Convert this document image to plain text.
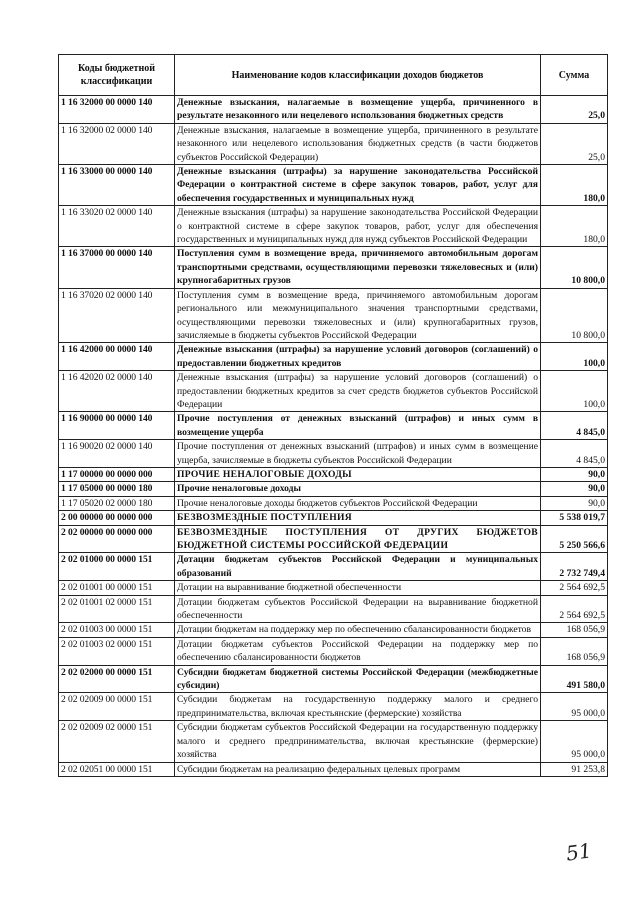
Коды бюджетной классификации	Наименование кодов классификации доходов бюджетов	Сумма
1 16 32000 00 0000 140	Денежные взыскания, налагаемые в возмещение ущерба, причиненного в результате незаконного или нецелевого использования бюджетных средств	25,0
1 16 32000 02 0000 140	Денежные взыскания, налагаемые в возмещение ущерба, причиненного в результате незаконного или нецелевого использования бюджетных средств (в части бюджетов субъектов Российской Федерации)	25,0
1 16 33000 00 0000 140	Денежные взыскания (штрафы) за нарушение законодательства Российской Федерации о контрактной системе в сфере закупок товаров, работ, услуг для обеспечения государственных и муниципальных нужд	180,0
1 16 33020 02 0000 140	Денежные взыскания (штрафы) за нарушение законодательства Российской Федерации о контрактной системе в сфере закупок товаров, работ, услуг для обеспечения государственных и муниципальных нужд для нужд субъектов Российской Федерации	180,0
1 16 37000 00 0000 140	Поступления сумм в возмещение вреда, причиняемого автомобильным дорогам транспортными средствами, осуществляющими перевозки тяжеловесных и (или) крупногабаритных грузов	10 800,0
1 16 37020 02 0000 140	Поступления сумм в возмещение вреда, причиняемого автомобильным дорогам регионального или межмуниципального значения транспортными средствами, осуществляющими перевозки тяжеловесных и (или) крупногабаритных грузов, зачисляемые в бюджеты субъектов Российской Федерации	10 800,0
1 16 42000 00 0000 140	Денежные взыскания (штрафы) за нарушение условий договоров (соглашений) о предоставлении бюджетных кредитов	100,0
1 16 42020 02 0000 140	Денежные взыскания (штрафы) за нарушение условий договоров (соглашений) о предоставлении бюджетных кредитов за счет средств бюджетов субъектов Российской Федерации	100,0
1 16 90000 00 0000 140	Прочие поступления от денежных взысканий (штрафов) и иных сумм в возмещение ущерба	4 845,0
1 16 90020 02 0000 140	Прочие поступления от денежных взысканий (штрафов) и иных сумм в возмещение ущерба, зачисляемые в бюджеты субъектов Российской Федерации	4 845,0
1 17 00000 00 0000 000	ПРОЧИЕ НЕНАЛОГОВЫЕ ДОХОДЫ	90,0
1 17 05000 00 0000 180	Прочие неналоговые доходы	90,0
1 17 05020 02 0000 180	Прочие неналоговые доходы бюджетов субъектов Российской Федерации	90,0
2 00 00000 00 0000 000	БЕЗВОЗМЕЗДНЫЕ ПОСТУПЛЕНИЯ	5 538 019,7
2 02 00000 00 0000 000	БЕЗВОЗМЕЗДНЫЕ ПОСТУПЛЕНИЯ ОТ ДРУГИХ БЮДЖЕТОВ БЮДЖЕТНОЙ СИСТЕМЫ РОССИЙСКОЙ ФЕДЕРАЦИИ	5 250 566,6
2 02 01000 00 0000 151	Дотации бюджетам субъектов Российской Федерации и муниципальных образований	2 732 749,4
2 02 01001 00 0000 151	Дотации на выравнивание бюджетной обеспеченности	2 564 692,5
2 02 01001 02 0000 151	Дотации бюджетам субъектов Российской Федерации на выравнивание бюджетной обеспеченности	2 564 692,5
2 02 01003 00 0000 151	Дотации бюджетам на поддержку мер по обеспечению сбалансированности бюджетов	168 056,9
2 02 01003 02 0000 151	Дотации бюджетам субъектов Российской Федерации на поддержку мер по обеспечению сбалансированности бюджетов	168 056,9
2 02 02000 00 0000 151	Субсидии бюджетам бюджетной системы Российской Федерации (межбюджетные субсидии)	491 580,0
2 02 02009 00 0000 151	Субсидии бюджетам на государственную поддержку малого и среднего предпринимательства, включая крестьянские (фермерские) хозяйства	95 000,0
2 02 02009 02 0000 151	Субсидии бюджетам субъектов Российской Федерации на государственную поддержку малого и среднего предпринимательства, включая крестьянские (фермерские) хозяйства	95 000,0
2 02 02051 00 0000 151	Субсидии бюджетам на реализацию федеральных целевых программ	91 253,8
51
